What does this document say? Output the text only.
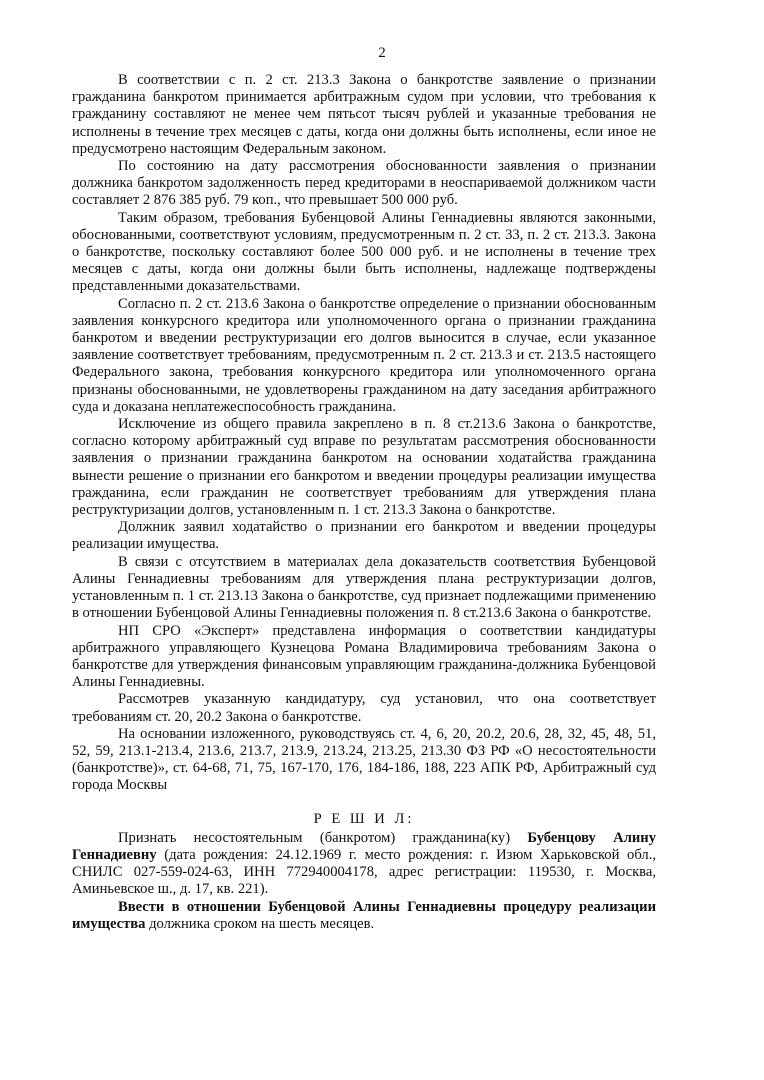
2

В соответствии с п. 2 ст. 213.3 Закона о банкротстве заявление о признании гражданина банкротом принимается арбитражным судом при условии, что требования к гражданину составляют не менее чем пятьсот тысяч рублей и указанные требования не исполнены в течение трех месяцев с даты, когда они должны быть исполнены, если иное не предусмотрено настоящим Федеральным законом.

По состоянию на дату рассмотрения обоснованности заявления о признании должника банкротом задолженность перед кредиторами в неоспариваемой должником части составляет 2 876 385 руб. 79 коп., что превышает 500 000 руб.

Таким образом, требования Бубенцовой Алины Геннадиевны являются законными, обоснованными, соответствуют условиям, предусмотренным п. 2 ст. 33, п. 2 ст. 213.3. Закона о банкротстве, поскольку составляют более 500 000 руб. и не исполнены в течение трех месяцев с даты, когда они должны были быть исполнены, надлежаще подтверждены представленными доказательствами.

Согласно п. 2 ст. 213.6 Закона о банкротстве определение о признании обоснованным заявления конкурсного кредитора или уполномоченного органа о признании гражданина банкротом и введении реструктуризации его долгов выносится в случае, если указанное заявление соответствует требованиям, предусмотренным п. 2 ст. 213.3 и ст. 213.5 настоящего Федерального закона, требования конкурсного кредитора или уполномоченного органа признаны обоснованными, не удовлетворены гражданином на дату заседания арбитражного суда и доказана неплатежеспособность гражданина.

Исключение из общего правила закреплено в п. 8 ст.213.6 Закона о банкротстве, согласно которому арбитражный суд вправе по результатам рассмотрения обоснованности заявления о признании гражданина банкротом на основании ходатайства гражданина вынести решение о признании его банкротом и введении процедуры реализации имущества гражданина, если гражданин не соответствует требованиям для утверждения плана реструктуризации долгов, установленным п. 1 ст. 213.3 Закона о банкротстве.

Должник заявил ходатайство о признании его банкротом и введении процедуры реализации имущества.

В связи с отсутствием в материалах дела доказательств соответствия Бубенцовой Алины Геннадиевны требованиям для утверждения плана реструктуризации долгов, установленным п. 1 ст. 213.13 Закона о банкротстве, суд признает подлежащими применению в отношении Бубенцовой Алины Геннадиевны положения п. 8 ст.213.6 Закона о банкротстве.

НП СРО «Эксперт» представлена информация о соответствии кандидатуры арбитражного управляющего Кузнецова Романа Владимировича требованиям Закона о банкротстве для утверждения финансовым управляющим гражданина-должника Бубенцовой Алины Геннадиевны.

Рассмотрев указанную кандидатуру, суд установил, что она соответствует требованиям ст. 20, 20.2 Закона о банкротстве.

На основании изложенного, руководствуясь ст. 4, 6, 20, 20.2, 20.6, 28, 32, 45, 48, 51, 52, 59, 213.1-213.4, 213.6, 213.7, 213.9, 213.24, 213.25, 213.30 ФЗ РФ «О несостоятельности (банкротстве)», ст. 64-68, 71, 75, 167-170, 176, 184-186, 188, 223 АПК РФ, Арбитражный суд города Москвы

Р Е Ш И Л:

Признать несостоятельным (банкротом) гражданина(ку) Бубенцову Алину Геннадиевну (дата рождения: 24.12.1969 г. место рождения: г. Изюм Харьковской обл., СНИЛС 027-559-024-63, ИНН 772940004178, адрес регистрации: 119530, г. Москва, Аминьевское ш., д. 17, кв. 221).

Ввести в отношении Бубенцовой Алины Геннадиевны процедуру реализации имущества должника сроком на шесть месяцев.
